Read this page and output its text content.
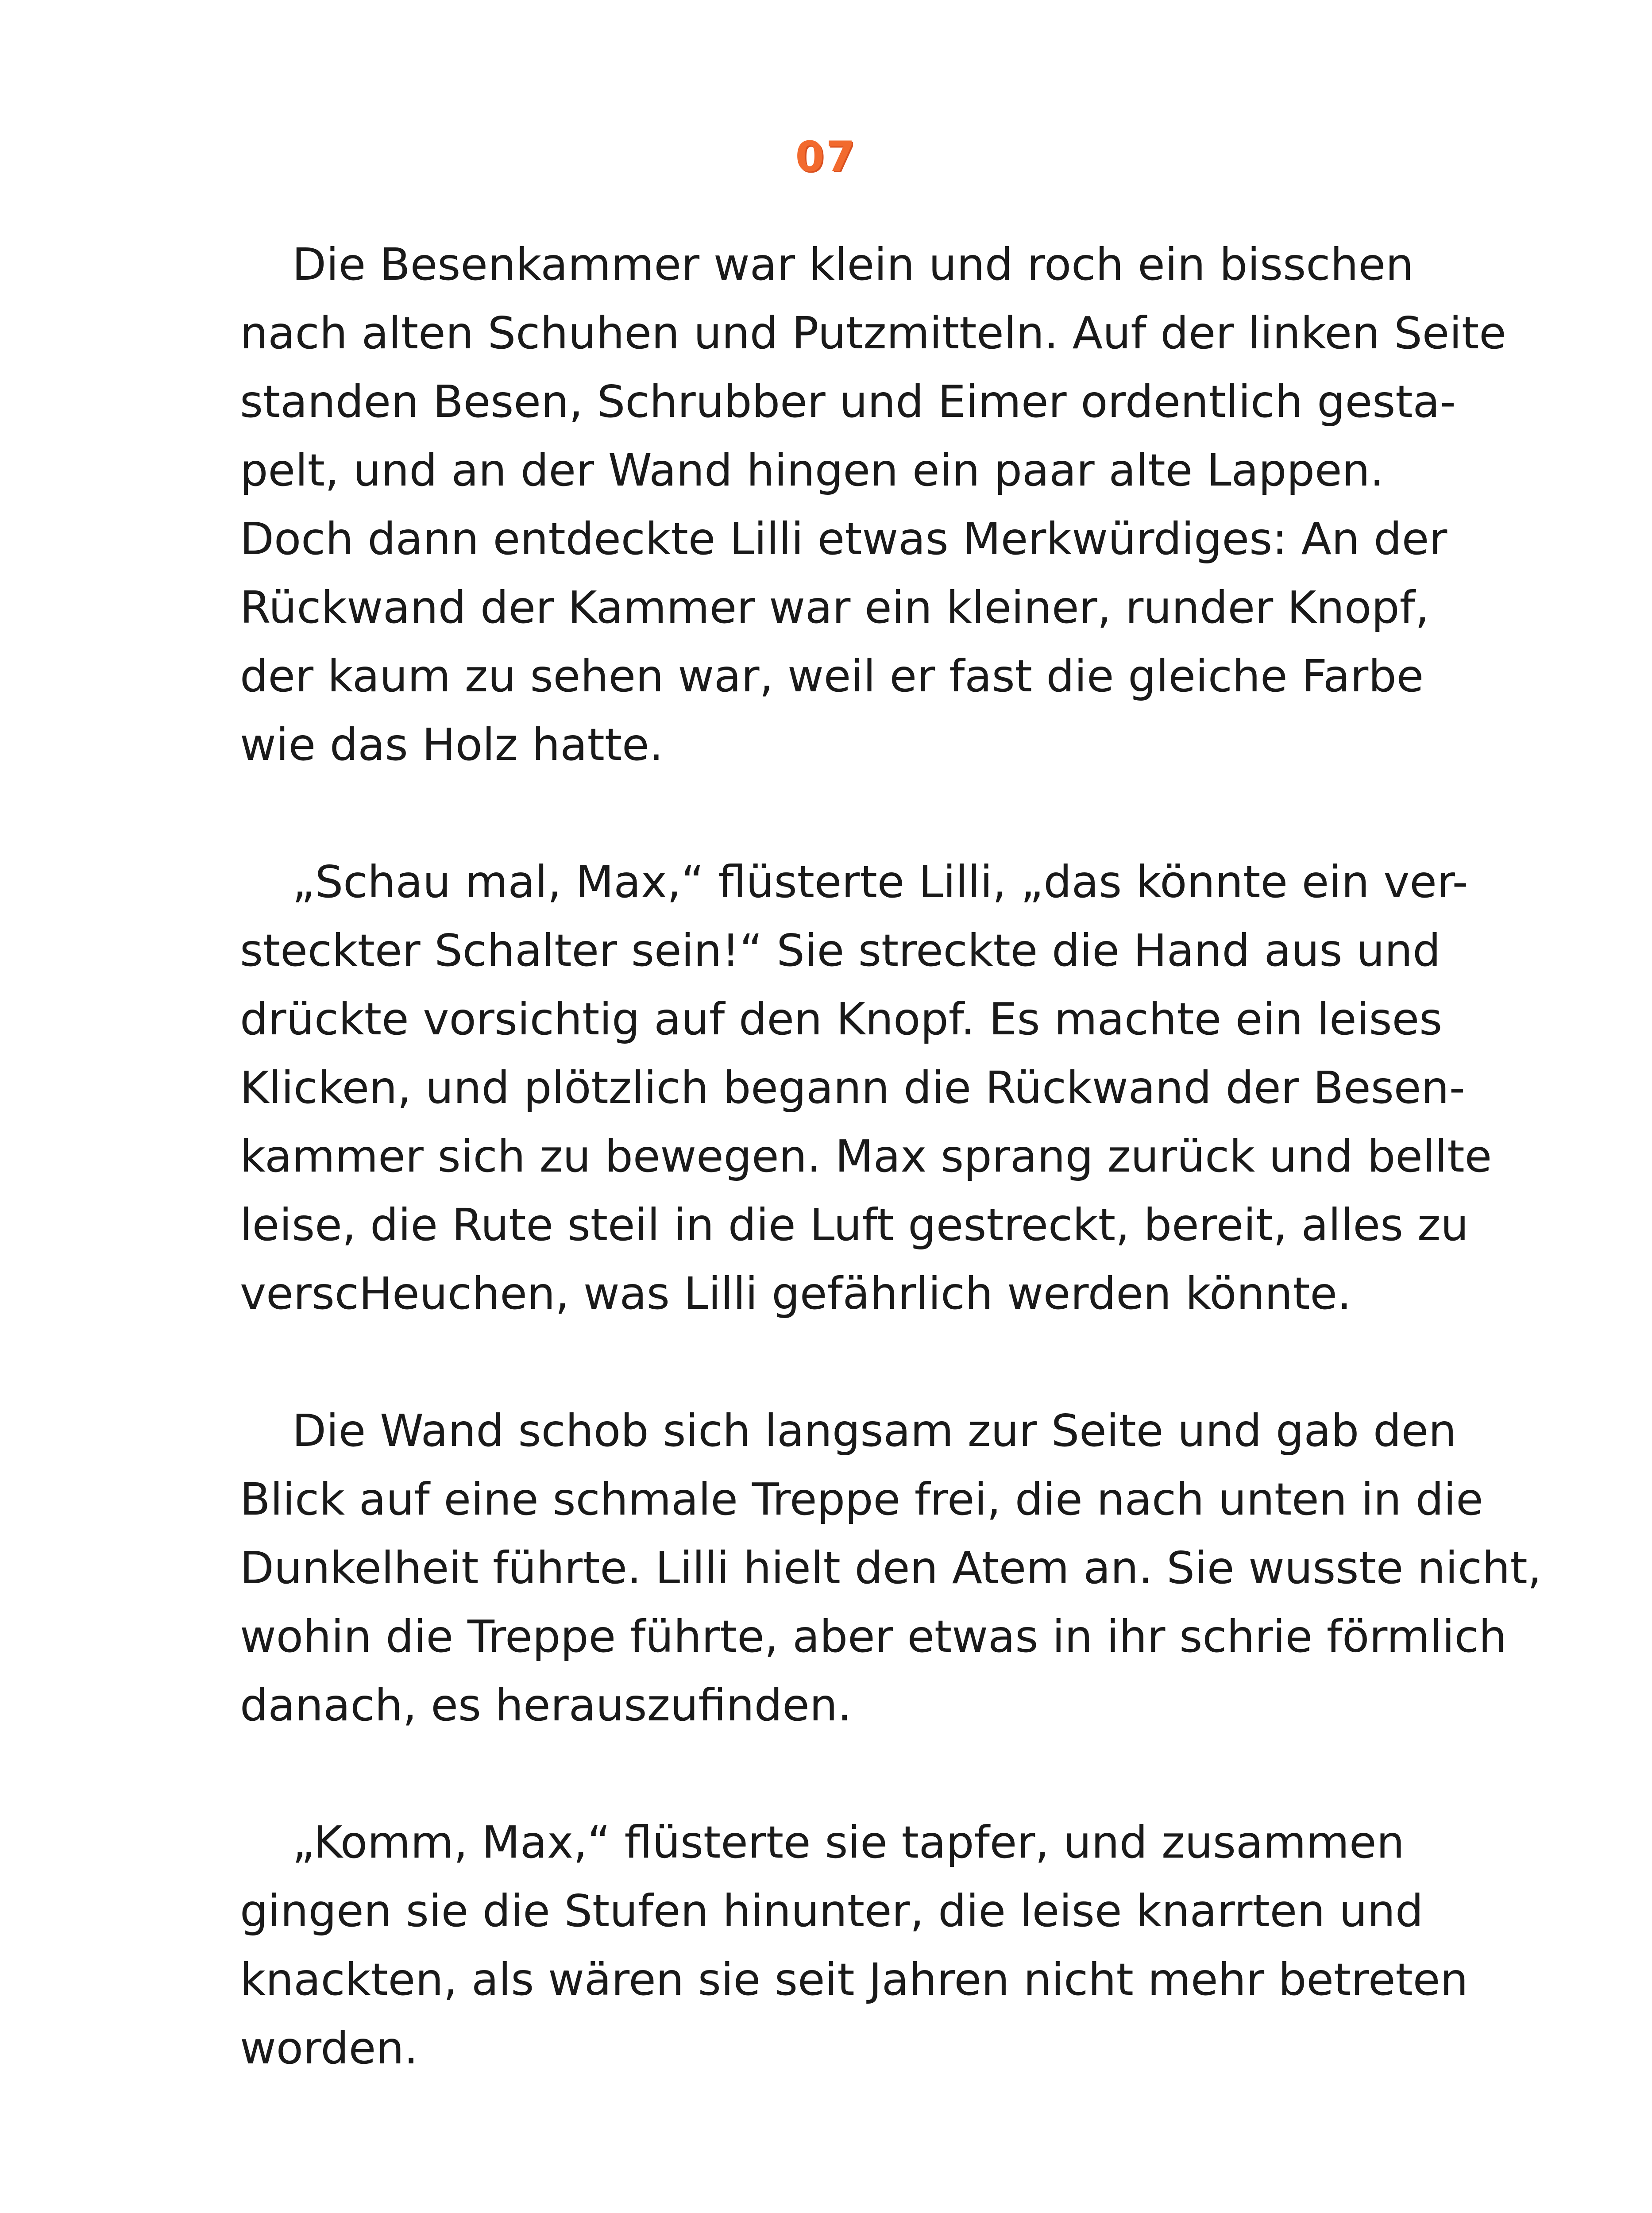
07

Die Besenkammer war klein und roch ein bisschen
nach alten Schuhen und Putzmitteln. Auf der linken Seite
standen Besen, Schrubber und Eimer ordentlich gesta-
pelt, und an der Wand hingen ein paar alte Lappen.
Doch dann entdeckte Lilli etwas Merkwürdiges: An der
Rückwand der Kammer war ein kleiner, runder Knopf,
der kaum zu sehen war, weil er fast die gleiche Farbe
wie das Holz hatte.

„Schau mal, Max,“ flüsterte Lilli, „das könnte ein ver-
steckter Schalter sein!“ Sie streckte die Hand aus und
drückte vorsichtig auf den Knopf. Es machte ein leises
Klicken, und plötzlich begann die Rückwand der Besen-
kammer sich zu bewegen. Max sprang zurück und bellte
leise, die Rute steil in die Luft gestreckt, bereit, alles zu
verscHeuchen, was Lilli gefährlich werden könnte.

Die Wand schob sich langsam zur Seite und gab den
Blick auf eine schmale Treppe frei, die nach unten in die
Dunkelheit führte. Lilli hielt den Atem an. Sie wusste nicht,
wohin die Treppe führte, aber etwas in ihr schrie förmlich
danach, es herauszufinden.

„Komm, Max,“ flüsterte sie tapfer, und zusammen
gingen sie die Stufen hinunter, die leise knarrten und
knackten, als wären sie seit Jahren nicht mehr betreten
worden.
